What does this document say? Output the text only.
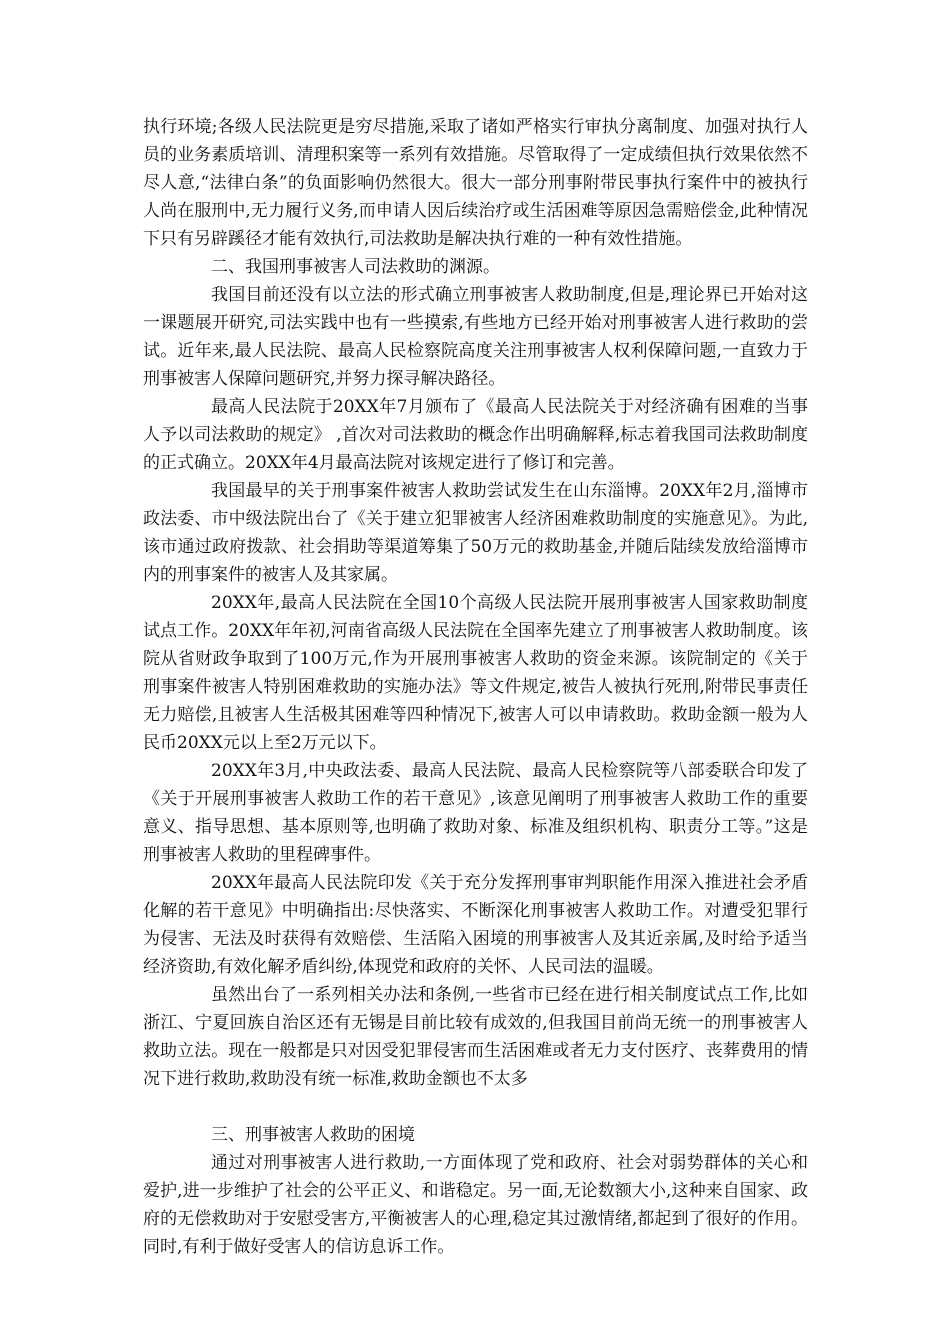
执行环境;各级人民法院更是穷尽措施,采取了诸如严格实行审执分离制度、加强对执行人员的业务素质培训、清理积案等一系列有效措施。尽管取得了一定成绩但执行效果依然不尽人意,“法律白条”的负面影响仍然很大。很大一部分刑事附带民事执行案件中的被执行人尚在服刑中,无力履行义务,而申请人因后续治疗或生活困难等原因急需赔偿金,此种情况下只有另辟蹊径才能有效执行,司法救助是解决执行难的一种有效性措施。

二、我国刑事被害人司法救助的渊源。

我国目前还没有以立法的形式确立刑事被害人救助制度,但是,理论界已开始对这一课题展开研究,司法实践中也有一些摸索,有些地方已经开始对刑事被害人进行救助的尝试。近年来,最人民法院、最高人民检察院高度关注刑事被害人权利保障问题,一直致力于刑事被害人保障问题研究,并努力探寻解决路径。

最高人民法院于20XX年7月颁布了《最高人民法院关于对经济确有困难的当事人予以司法救助的规定》 ,首次对司法救助的概念作出明确解释,标志着我国司法救助制度的正式确立。20XX年4月最高法院对该规定进行了修订和完善。

我国最早的关于刑事案件被害人救助尝试发生在山东淄博。20XX年2月,淄博市政法委、市中级法院出台了《关于建立犯罪被害人经济困难救助制度的实施意见》。为此,该市通过政府拨款、社会捐助等渠道筹集了50万元的救助基金,并随后陆续发放给淄博市内的刑事案件的被害人及其家属。

20XX年,最高人民法院在全国10个高级人民法院开展刑事被害人国家救助制度试点工作。20XX年年初,河南省高级人民法院在全国率先建立了刑事被害人救助制度。该院从省财政争取到了100万元,作为开展刑事被害人救助的资金来源。该院制定的《关于刑事案件被害人特别困难救助的实施办法》等文件规定,被告人被执行死刑,附带民事责任无力赔偿,且被害人生活极其困难等四种情况下,被害人可以申请救助。救助金额一般为人民币20XX元以上至2万元以下。

20XX年3月,中央政法委、最高人民法院、最高人民检察院等八部委联合印发了《关于开展刑事被害人救助工作的若干意见》,该意见阐明了刑事被害人救助工作的重要意义、指导思想、基本原则等,也明确了救助对象、标准及组织机构、职责分工等。”这是刑事被害人救助的里程碑事件。

20XX年最高人民法院印发《关于充分发挥刑事审判职能作用深入推进社会矛盾化解的若干意见》中明确指出:尽快落实、不断深化刑事被害人救助工作。对遭受犯罪行为侵害、无法及时获得有效赔偿、生活陷入困境的刑事被害人及其近亲属,及时给予适当经济资助,有效化解矛盾纠纷,体现党和政府的关怀、人民司法的温暖。

虽然出台了一系列相关办法和条例,一些省市已经在进行相关制度试点工作,比如浙江、宁夏回族自治区还有无锡是目前比较有成效的,但我国目前尚无统一的刑事被害人救助立法。现在一般都是只对因受犯罪侵害而生活困难或者无力支付医疗、丧葬费用的情况下进行救助,救助没有统一标准,救助金额也不太多

三、刑事被害人救助的困境

通过对刑事被害人进行救助,一方面体现了党和政府、社会对弱势群体的关心和爱护,进一步维护了社会的公平正义、和谐稳定。另一面,无论数额大小,这种来自国家、政府的无偿救助对于安慰受害方,平衡被害人的心理,稳定其过激情绪,都起到了很好的作用。同时,有利于做好受害人的信访息诉工作。
